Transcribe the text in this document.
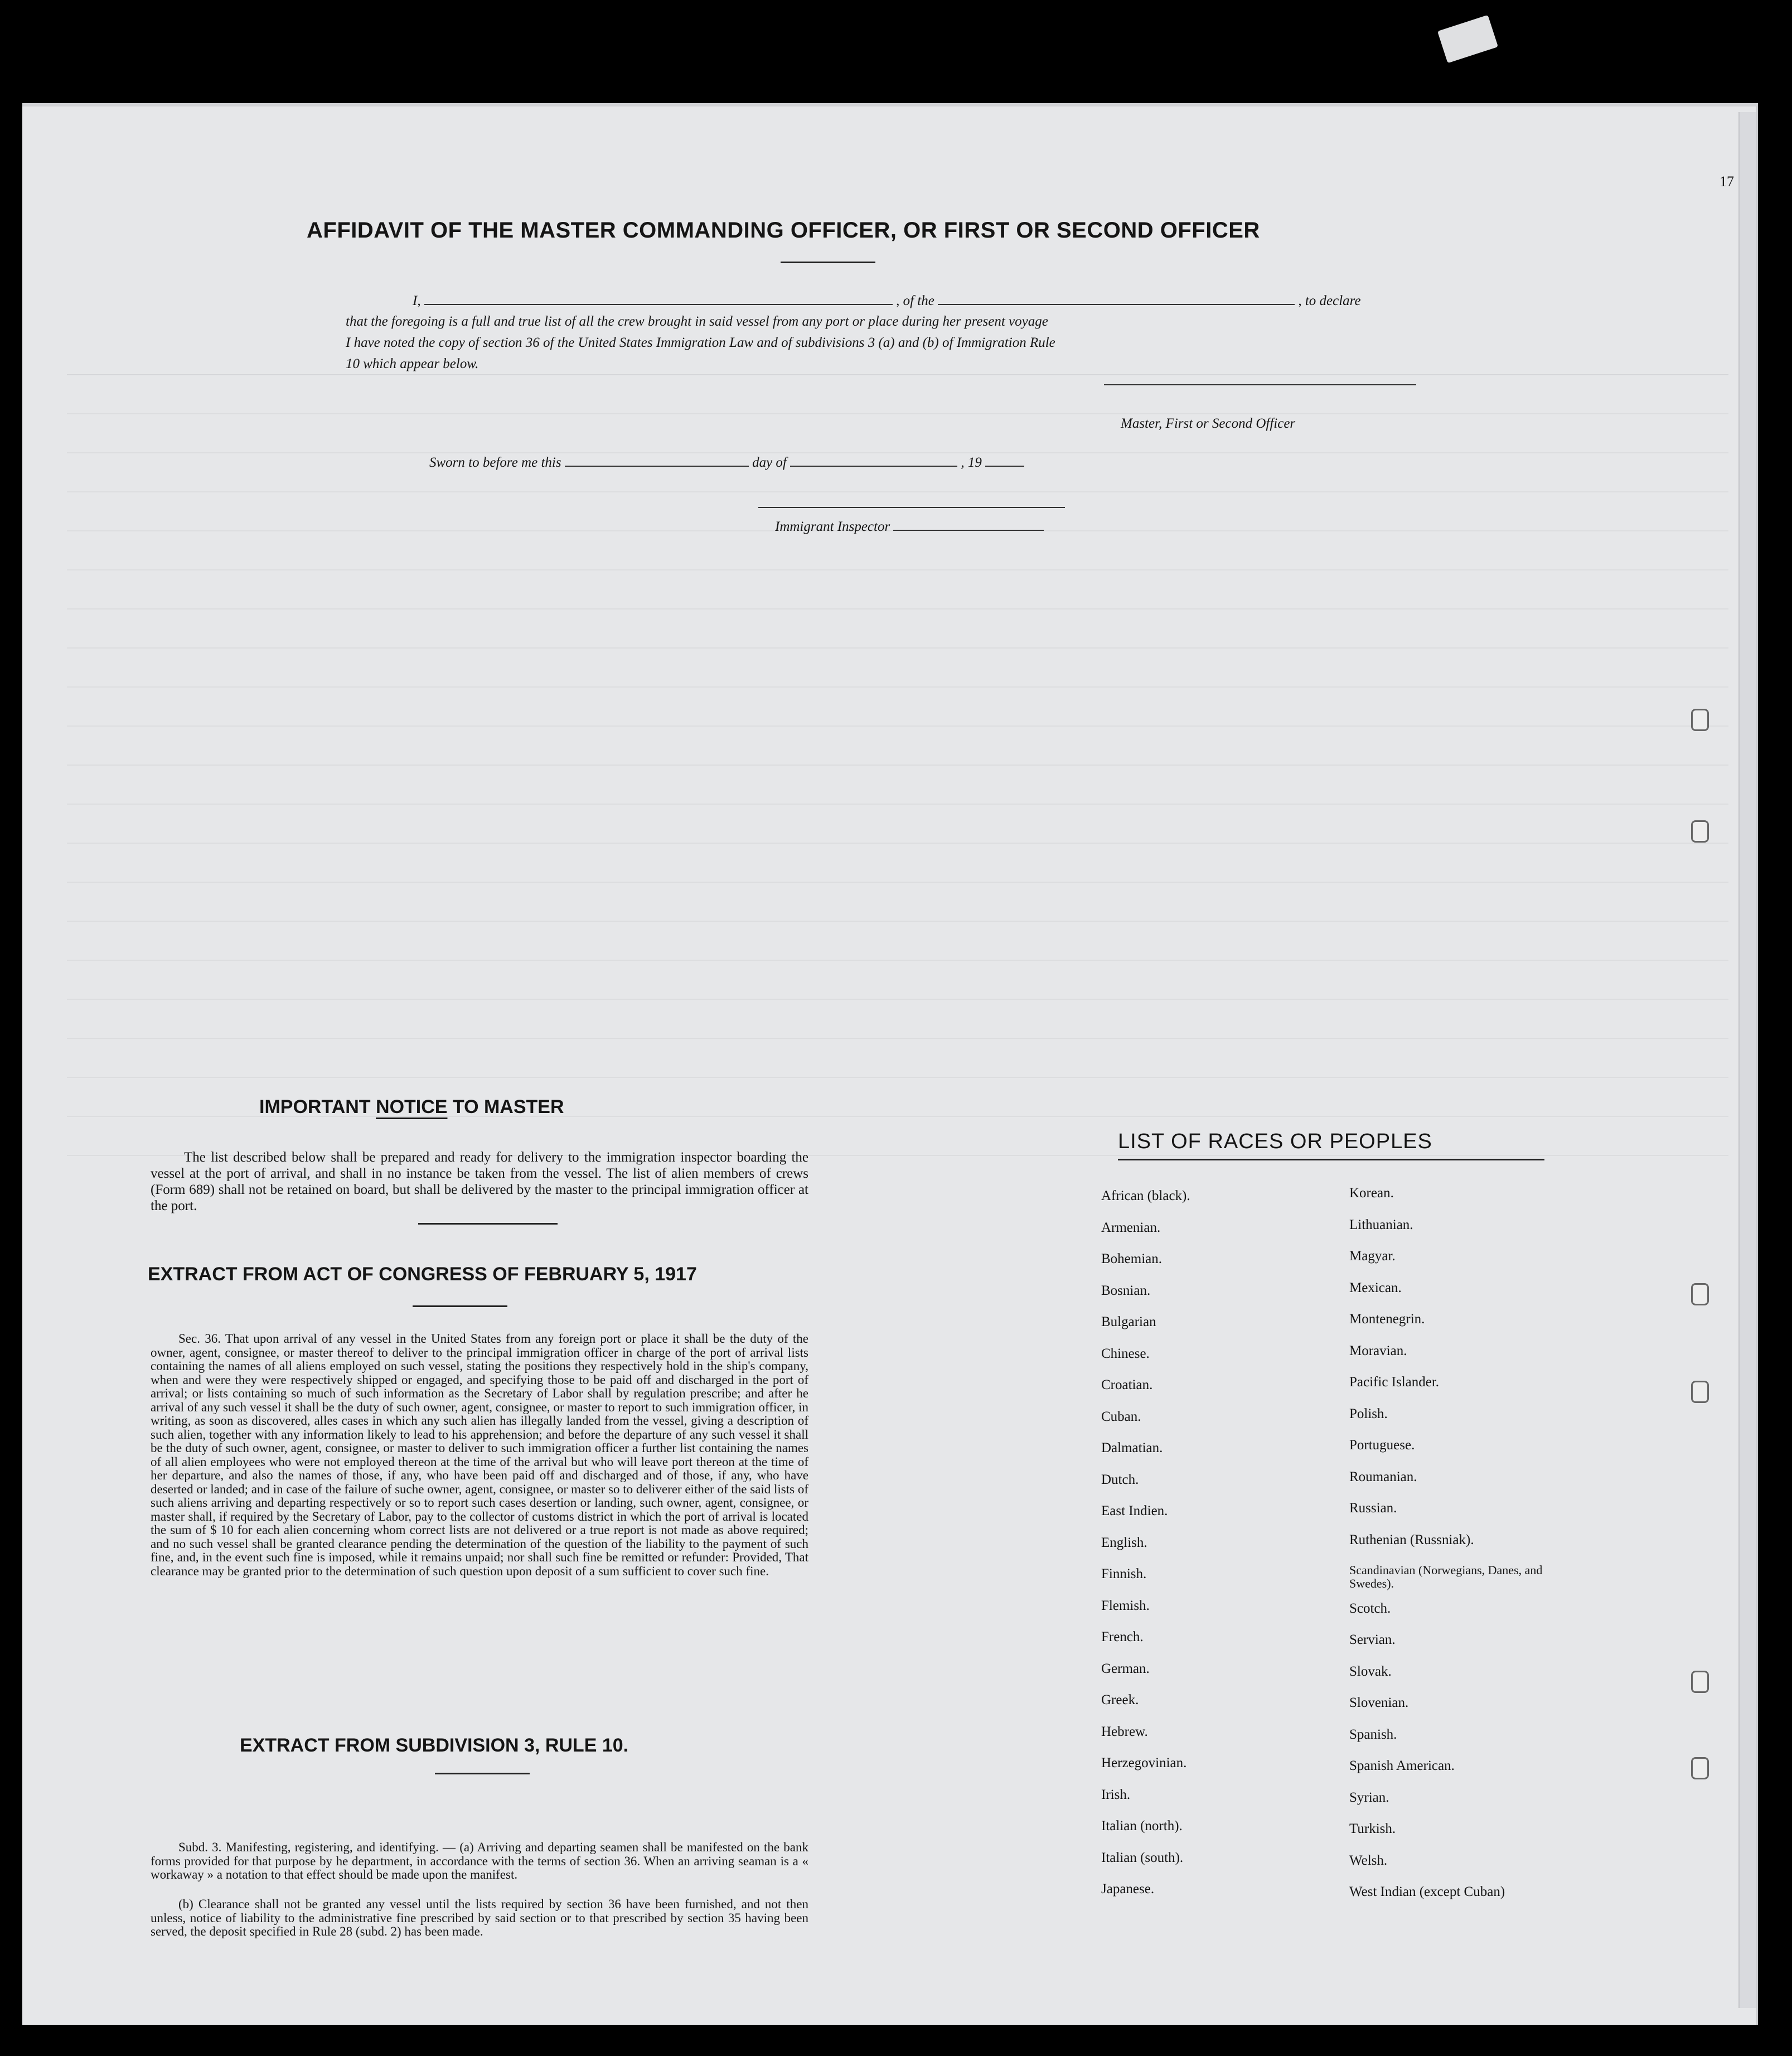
17
AFFIDAVIT OF THE MASTER COMMANDING OFFICER, OR FIRST OR SECOND OFFICER
I,	, of the	, to declare
that the foregoing is a full and true list of all the crew brought in said vessel from any port or place during her present voyage
I have noted the copy of section 36 of the United States Immigration Law and of subdivisions 3 (a) and (b) of Immigration Rule
10 which appear below.
Master, First or Second Officer
Sworn to before me this	day of	, 19
Immigrant Inspector
IMPORTANT NOTICE TO MASTER
The list described below shall be prepared and ready for delivery to the immigration inspector boarding the vessel at the port of arrival, and shall in no instance be taken from the vessel. The list of alien members of crews (Form 689) shall not be retained on board, but shall be delivered by the master to the principal immigration officer at the port.
EXTRACT FROM ACT OF CONGRESS OF FEBRUARY 5, 1917
Sec. 36. That upon arrival of any vessel in the United States from any foreign port or place it shall be the duty of the owner, agent, consignee, or master thereof to deliver to the principal immigration officer in charge of the port of arrival lists containing the names of all aliens employed on such vessel, stating the positions they respectively hold in the ship's company, when and were they were respectively shipped or engaged, and specifying those to be paid off and discharged in the port of arrival; or lists containing so much of such information as the Secretary of Labor shall by regulation prescribe; and after he arrival of any such vessel it shall be the duty of such owner, agent, consignee, or master to report to such immigration officer, in writing, as soon as discovered, alles cases in which any such alien has illegally landed from the vessel, giving a description of such alien, together with any information likely to lead to his apprehension; and before the departure of any such vessel it shall be the duty of such owner, agent, consignee, or master to deliver to such immigration officer a further list containing the names of all alien employees who were not employed thereon at the time of the arrival but who will leave port thereon at the time of her departure, and also the names of those, if any, who have been paid off and discharged and of those, if any, who have deserted or landed; and in case of the failure of suche owner, agent, consignee, or master so to deliverer either of the said lists of such aliens arriving and departing respectively or so to report such cases desertion or landing, such owner, agent, consignee, or master shall, if required by the Secretary of Labor, pay to the collector of customs district in which the port of arrival is located the sum of $ 10 for each alien concerning whom correct lists are not delivered or a true report is not made as above required; and no such vessel shall be granted clearance pending the determination of the question of the liability to the payment of such fine, and, in the event such fine is imposed, while it remains unpaid; nor shall such fine be remitted or refunder: Provided, That clearance may be granted prior to the determination of such question upon deposit of a sum sufficient to cover such fine.
EXTRACT FROM SUBDIVISION 3, RULE 10.
Subd. 3. Manifesting, registering, and identifying. — (a) Arriving and departing seamen shall be manifested on the bank forms provided for that purpose by he department, in accordance with the terms of section 36. When an arriving seaman is a « workaway » a notation to that effect should be made upon the manifest.
(b) Clearance shall not be granted any vessel until the lists required by section 36 have been furnished, and not then unless, notice of liability to the administrative fine prescribed by said section or to that prescribed by section 35 having been served, the deposit specified in Rule 28 (subd. 2) has been made.
LIST OF RACES OR PEOPLES
African (black).
Armenian.
Bohemian.
Bosnian.
Bulgarian
Chinese.
Croatian.
Cuban.
Dalmatian.
Dutch.
East Indien.
English.
Finnish.
Flemish.
French.
German.
Greek.
Hebrew.
Herzegovinian.
Irish.
Italian (north).
Italian (south).
Japanese.
Korean.
Lithuanian.
Magyar.
Mexican.
Montenegrin.
Moravian.
Pacific Islander.
Polish.
Portuguese.
Roumanian.
Russian.
Ruthenian (Russniak).
Scandinavian (Norwegians, Danes, and Swedes).
Scotch.
Servian.
Slovak.
Slovenian.
Spanish.
Spanish American.
Syrian.
Turkish.
Welsh.
West Indian (except Cuban)
